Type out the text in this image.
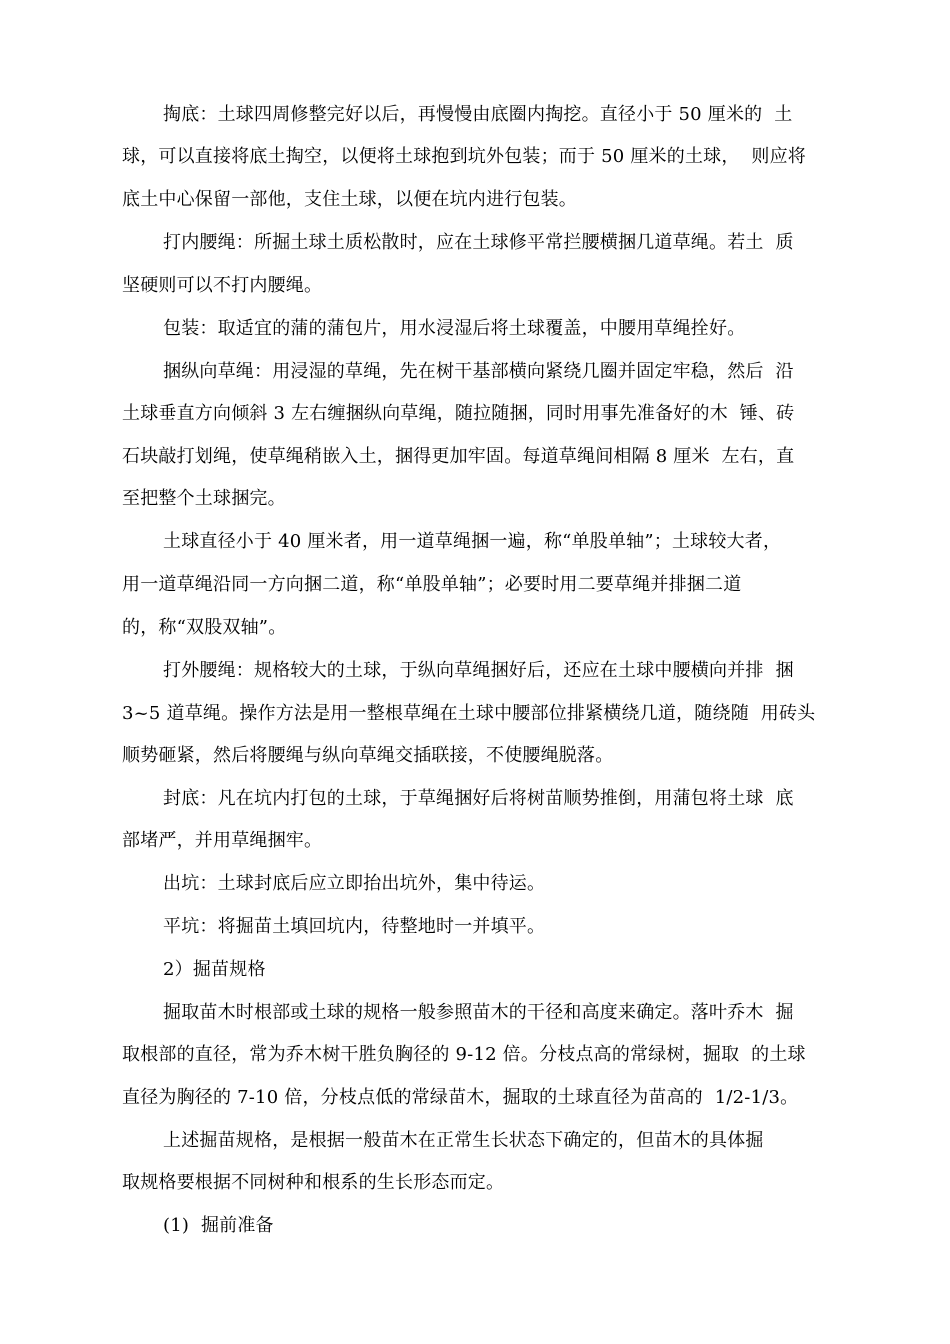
掏底：土球四周修整完好以后，再慢慢由底圈内掏挖。直径小于 50 厘米的  土
球，可以直接将底土掏空，以便将土球抱到坑外包装；而于 50 厘米的土球，  则应将
底土中心保留一部他，支住土球，以便在坑内进行包装。
打内腰绳：所掘土球土质松散时，应在土球修平常拦腰横捆几道草绳。若土  质
坚硬则可以不打内腰绳。
包装：取适宜的蒲的蒲包片，用水浸湿后将土球覆盖，中腰用草绳拴好。
捆纵向草绳：用浸湿的草绳，先在树干基部横向紧绕几圈并固定牢稳，然后  沿
土球垂直方向倾斜 3 左右缠捆纵向草绳，随拉随捆，同时用事先准备好的木  锤、砖
石块敲打划绳，使草绳稍嵌入土，捆得更加牢固。每道草绳间相隔 8 厘米  左右，直
至把整个土球捆完。
土球直径小于 40 厘米者，用一道草绳捆一遍，称“单股单轴”；土球较大者，
用一道草绳沿同一方向捆二道，称“单股单轴”；必要时用二要草绳并排捆二道
的，称“双股双轴”。
打外腰绳：规格较大的土球，于纵向草绳捆好后，还应在土球中腰横向并排  捆
3~5 道草绳。操作方法是用一整根草绳在土球中腰部位排紧横绕几道，随绕随  用砖头
顺势砸紧，然后将腰绳与纵向草绳交插联接，不使腰绳脱落。
封底：凡在坑内打包的土球，于草绳捆好后将树苗顺势推倒，用蒲包将土球  底
部堵严，并用草绳捆牢。
出坑：土球封底后应立即抬出坑外，集中待运。
平坑：将掘苗土填回坑内，待整地时一并填平。
2）掘苗规格
掘取苗木时根部或土球的规格一般参照苗木的干径和高度来确定。落叶乔木  掘
取根部的直径，常为乔木树干胜负胸径的 9-12 倍。分枝点高的常绿树，掘取  的土球
直径为胸径的 7-10 倍，分枝点低的常绿苗木，掘取的土球直径为苗高的  1/2-1/3。
上述掘苗规格，是根据一般苗木在正常生长状态下确定的，但苗木的具体掘
取规格要根据不同树种和根系的生长形态而定。
(1)  掘前准备
